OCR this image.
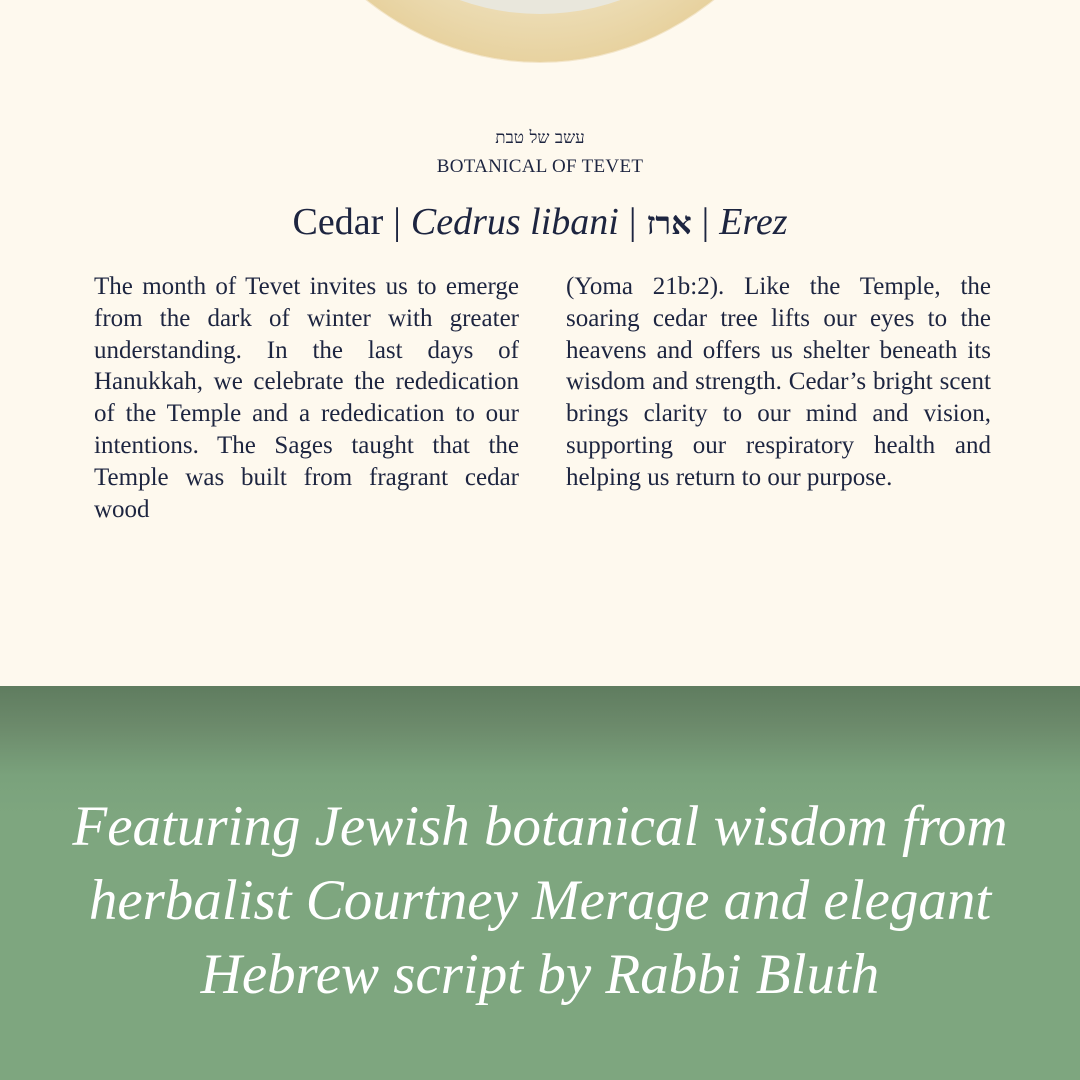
עשב של טבת
BOTANICAL OF TEVET
Cedar | Cedrus libani | ארז | Erez
The month of Tevet invites us to emerge from the dark of winter with greater understanding. In the last days of Hanukkah, we celebrate the rededication of the Temple and a rededication to our intentions. The Sages taught that the Temple was built from fragrant cedar wood
(Yoma 21b:2). Like the Temple, the soaring cedar tree lifts our eyes to the heavens and offers us shelter beneath its wisdom and strength. Cedar’s bright scent brings clarity to our mind and vision, supporting our respiratory health and helping us return to our purpose.
Featuring Jewish botanical wisdom from herbalist Courtney Merage and elegant Hebrew script by Rabbi Bluth
